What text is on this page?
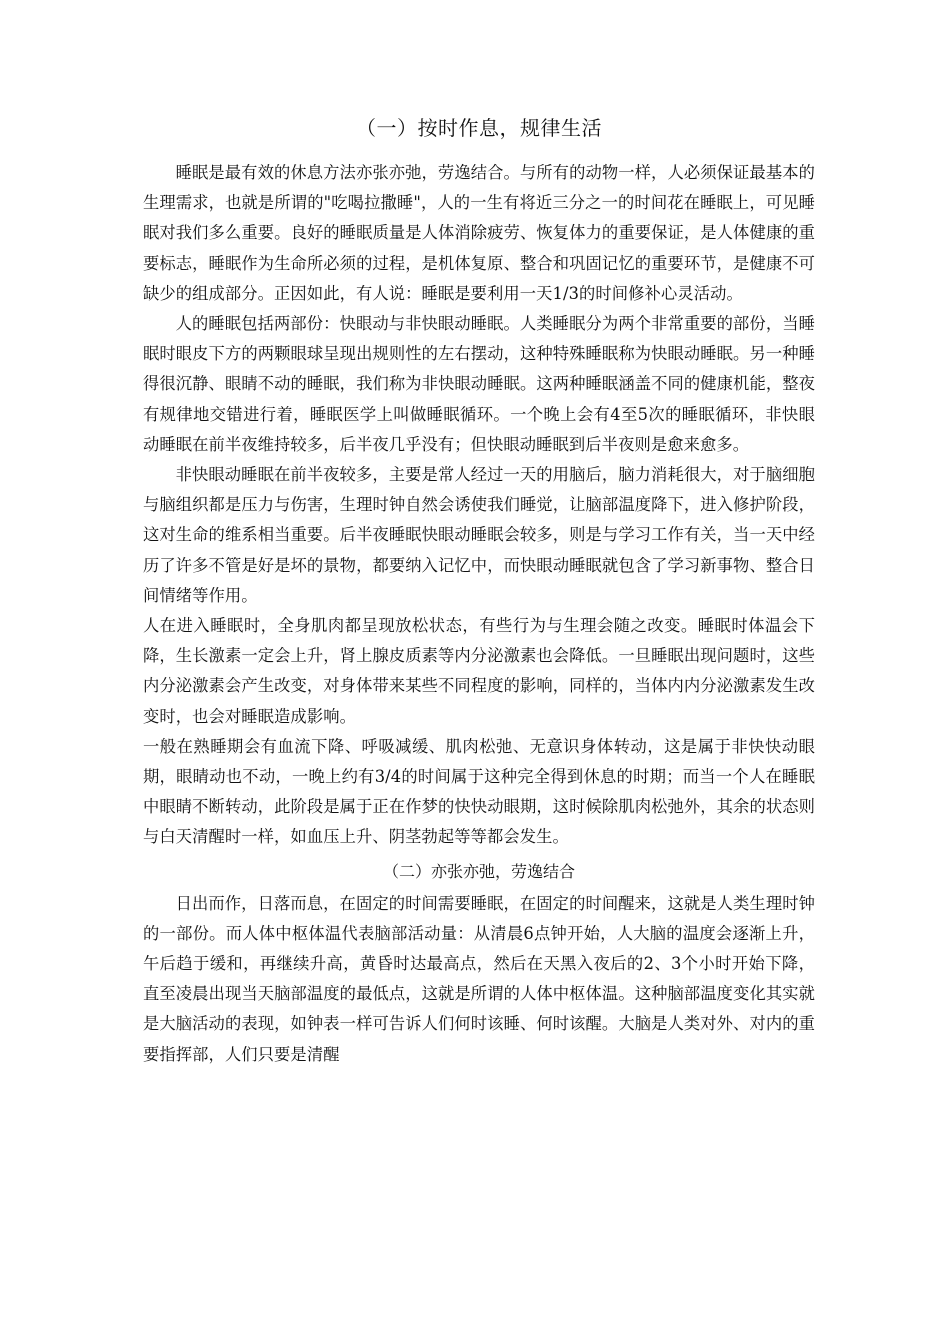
（一）按时作息，规律生活

睡眠是最有效的休息方法亦张亦弛，劳逸结合。与所有的动物一样，人必须保证最基本的生理需求，也就是所谓的"吃喝拉撒睡"，人的一生有将近三分之一的时间花在睡眠上，可见睡眠对我们多么重要。良好的睡眠质量是人体消除疲劳、恢复体力的重要保证，是人体健康的重要标志，睡眠作为生命所必须的过程，是机体复原、整合和巩固记忆的重要环节，是健康不可缺少的组成部分。正因如此，有人说：睡眠是要利用一天1/3的时间修补心灵活动。

人的睡眠包括两部份：快眼动与非快眼动睡眠。人类睡眠分为两个非常重要的部份，当睡眠时眼皮下方的两颗眼球呈现出规则性的左右摆动，这种特殊睡眠称为快眼动睡眠。另一种睡得很沉静、眼睛不动的睡眠，我们称为非快眼动睡眠。这两种睡眠涵盖不同的健康机能，整夜有规律地交错进行着，睡眠医学上叫做睡眠循环。一个晚上会有4至5次的睡眠循环，非快眼动睡眠在前半夜维持较多，后半夜几乎没有；但快眼动睡眠到后半夜则是愈来愈多。

非快眼动睡眠在前半夜较多，主要是常人经过一天的用脑后，脑力消耗很大，对于脑细胞与脑组织都是压力与伤害，生理时钟自然会诱使我们睡觉，让脑部温度降下，进入修护阶段，这对生命的维系相当重要。后半夜睡眠快眼动睡眠会较多，则是与学习工作有关，当一天中经历了许多不管是好是坏的景物，都要纳入记忆中，而快眼动睡眠就包含了学习新事物、整合日间情绪等作用。

人在进入睡眠时，全身肌肉都呈现放松状态，有些行为与生理会随之改变。睡眠时体温会下降，生长激素一定会上升，肾上腺皮质素等内分泌激素也会降低。一旦睡眠出现问题时，这些内分泌激素会产生改变，对身体带来某些不同程度的影响，同样的，当体内内分泌激素发生改变时，也会对睡眠造成影响。

一般在熟睡期会有血流下降、呼吸减缓、肌肉松弛、无意识身体转动，这是属于非快快动眼期，眼睛动也不动，一晚上约有3/4的时间属于这种完全得到休息的时期；而当一个人在睡眠中眼睛不断转动，此阶段是属于正在作梦的快快动眼期，这时候除肌肉松弛外，其余的状态则与白天清醒时一样，如血压上升、阴茎勃起等等都会发生。

（二）亦张亦弛，劳逸结合

日出而作，日落而息，在固定的时间需要睡眠，在固定的时间醒来，这就是人类生理时钟的一部份。而人体中枢体温代表脑部活动量：从清晨6点钟开始，人大脑的温度会逐渐上升，午后趋于缓和，再继续升高，黄昏时达最高点，然后在天黑入夜后的2、3个小时开始下降，直至凌晨出现当天脑部温度的最低点，这就是所谓的人体中枢体温。这种脑部温度变化其实就是大脑活动的表现，如钟表一样可告诉人们何时该睡、何时该醒。大脑是人类对外、对内的重要指挥部，人们只要是清醒
